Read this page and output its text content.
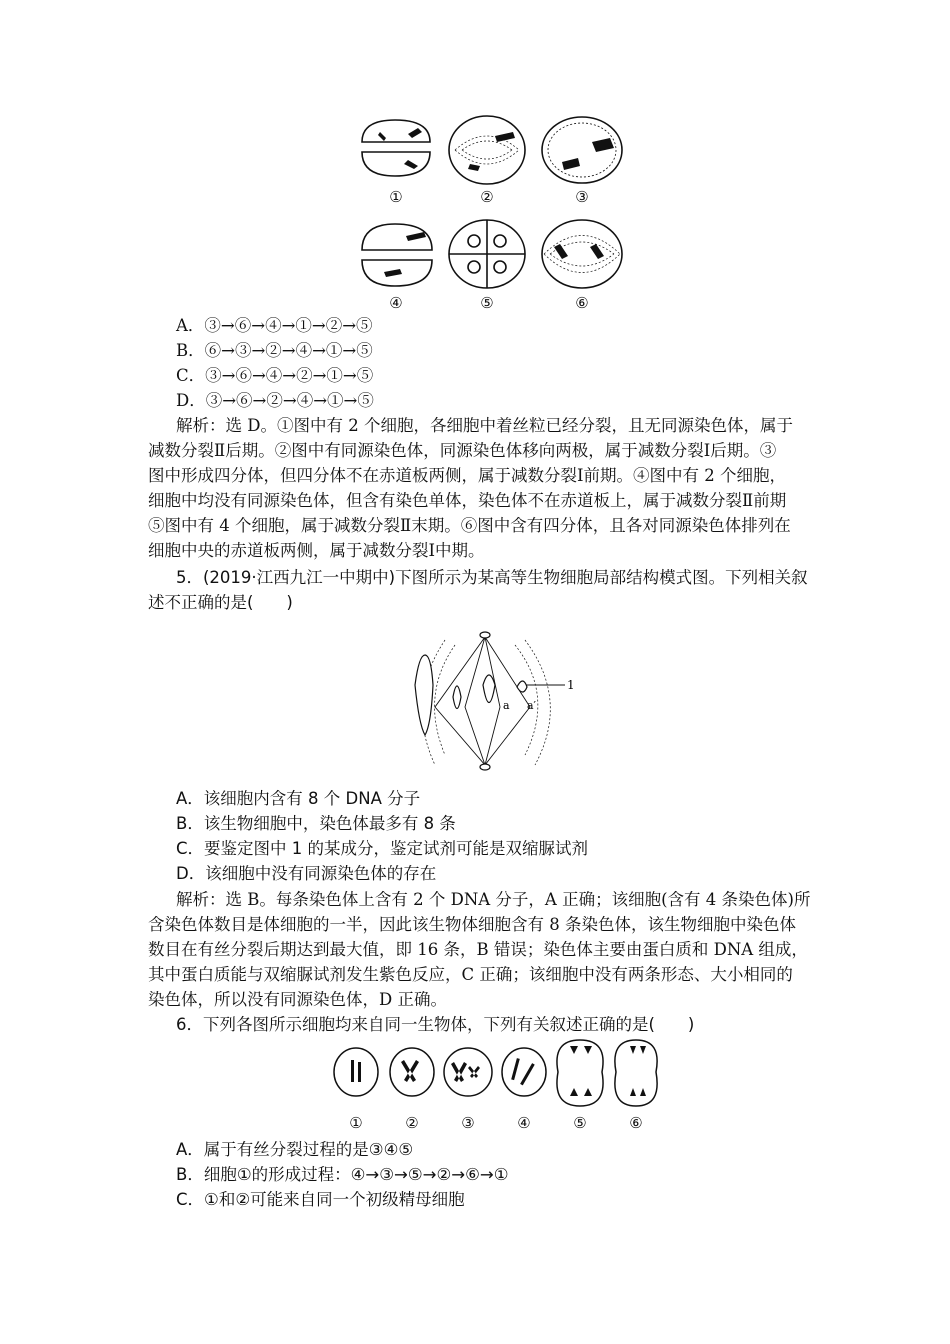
①	②	③
④	⑤	⑥
A．③→⑥→④→①→②→⑤
B．⑥→③→②→④→①→⑤
C．③→⑥→④→②→①→⑤
D．③→⑥→②→④→①→⑤
解析：选 D。①图中有 2 个细胞，各细胞中着丝粒已经分裂，且无同源染色体，属于
减数分裂Ⅱ后期。②图中有同源染色体，同源染色体移向两极，属于减数分裂Ⅰ后期。③
图中形成四分体，但四分体不在赤道板两侧，属于减数分裂Ⅰ前期。④图中有 2 个细胞，
细胞中均没有同源染色体，但含有染色单体，染色体不在赤道板上，属于减数分裂Ⅱ前期
⑤图中有 4 个细胞，属于减数分裂Ⅱ末期。⑥图中含有四分体，且各对同源染色体排列在
细胞中央的赤道板两侧，属于减数分裂Ⅰ中期。
5．(2019·江西九江一中期中)下图所示为某高等生物细胞局部结构模式图。下列相关叙
述不正确的是(　　)
1
a a′
A．该细胞内含有 8 个 DNA 分子
B．该生物细胞中，染色体最多有 8 条
C．要鉴定图中 1 的某成分，鉴定试剂可能是双缩脲试剂
D．该细胞中没有同源染色体的存在
解析：选 B。每条染色体上含有 2 个 DNA 分子，A 正确；该细胞(含有 4 条染色体)所
含染色体数目是体细胞的一半，因此该生物体细胞含有 8 条染色体，该生物细胞中染色体
数目在有丝分裂后期达到最大值，即 16 条，B 错误；染色体主要由蛋白质和 DNA 组成，
其中蛋白质能与双缩脲试剂发生紫色反应，C 正确；该细胞中没有两条形态、大小相同的
染色体，所以没有同源染色体，D 正确。
6．下列各图所示细胞均来自同一生物体，下列有关叙述正确的是(　　)
①	②	③	④	⑤	⑥
A．属于有丝分裂过程的是③④⑤
B．细胞①的形成过程：④→③→⑤→②→⑥→①
C．①和②可能来自同一个初级精母细胞
